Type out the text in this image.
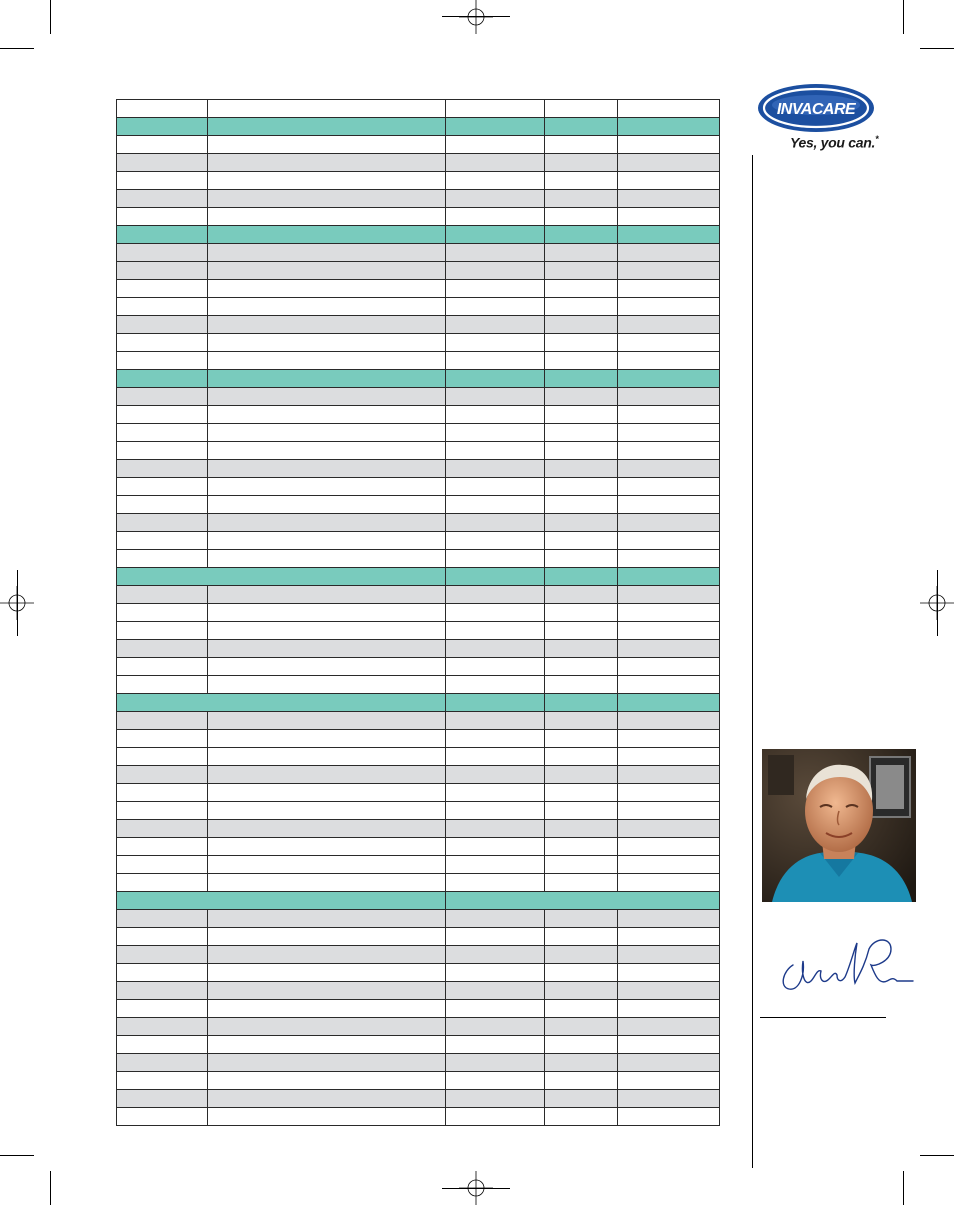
INVACARE
Yes, you can.*
